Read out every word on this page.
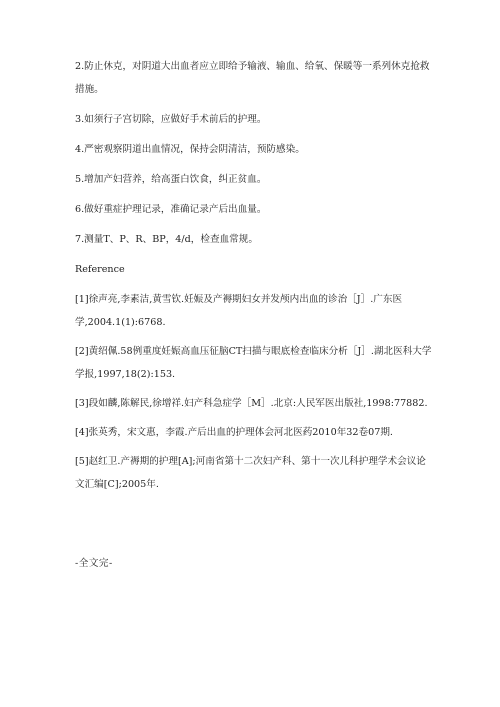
2.防止休克，对阴道大出血者应立即给予输液、输血、给氧、保暖等一系列休克抢救措施。

3.如须行子宫切除，应做好手术前后的护理。

4.严密观察阴道出血情况，保持会阴清洁，预防感染。

5.增加产妇营养，给高蛋白饮食，纠正贫血。

6.做好重症护理记录，准确记录产后出血量。

7.测量T、P、R、BP，4/d，检查血常规。

Reference

[1]徐声亮,李素洁,黄雪钦.妊娠及产褥期妇女并发颅内出血的诊治［J］.广东医学,2004.1(1):6768.

[2]黄绍佩.58例重度妊娠高血压征脑CT扫描与眼底检查临床分析［J］.湖北医科大学学报,1997,18(2):153.

[3]段如麟,陈解民,徐增祥.妇产科急症学［M］.北京:人民军医出版社,1998:77882.

[4]张英秀，宋文惠，李霞.产后出血的护理体会河北医药2010年32卷07期.

[5]赵红卫.产褥期的护理[A];河南省第十二次妇产科、第十一次儿科护理学术会议论文汇编[C];2005年.

-全文完-
